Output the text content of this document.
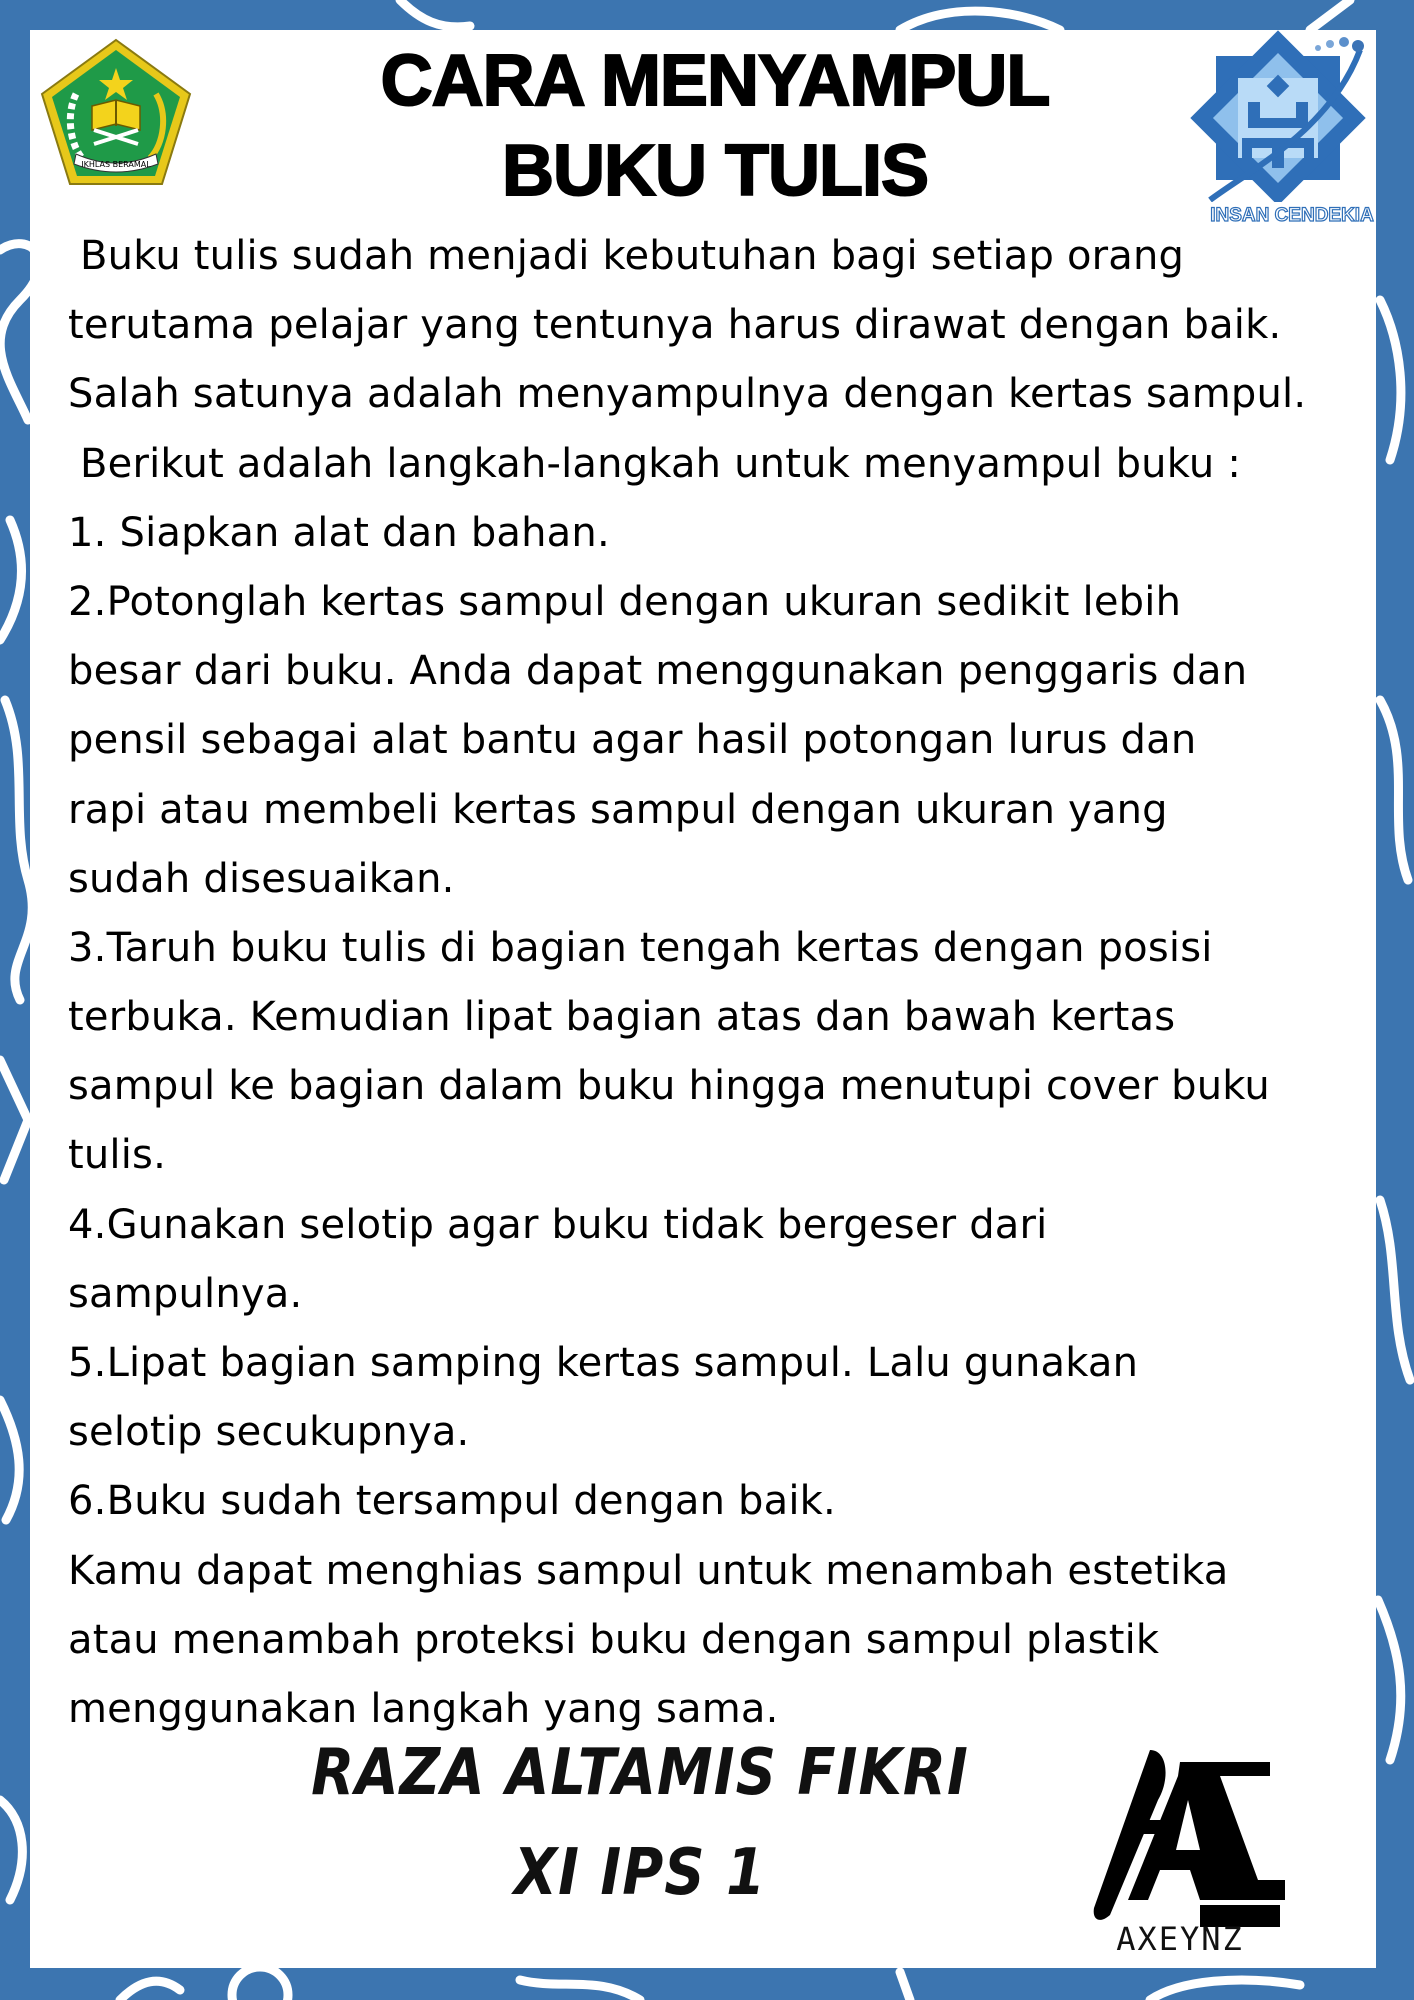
IKHLAS BERAMAL
CARA MENYAMPUL
BUKU TULIS
INSAN CENDEKIA
Buku tulis sudah menjadi kebutuhan bagi setiap orang
terutama pelajar yang tentunya harus dirawat dengan baik.
Salah satunya adalah menyampulnya dengan kertas sampul.
Berikut adalah langkah-langkah untuk menyampul buku :
1. Siapkan alat dan bahan.
2.Potonglah kertas sampul dengan ukuran sedikit lebih
besar dari buku. Anda dapat menggunakan penggaris dan
pensil sebagai alat bantu agar hasil potongan lurus dan
rapi atau membeli kertas sampul dengan ukuran yang
sudah disesuaikan.
3.Taruh buku tulis di bagian tengah kertas dengan posisi
terbuka. Kemudian lipat bagian atas dan bawah kertas
sampul ke bagian dalam buku hingga menutupi cover buku
tulis.
4.Gunakan selotip agar buku tidak bergeser dari
sampulnya.
5.Lipat bagian samping kertas sampul. Lalu gunakan
selotip secukupnya.
6.Buku sudah tersampul dengan baik.
Kamu dapat menghias sampul untuk menambah estetika
atau menambah proteksi buku dengan sampul plastik
menggunakan langkah yang sama.
RAZA ALTAMIS FIKRI
XI IPS 1
AXEYNZ
